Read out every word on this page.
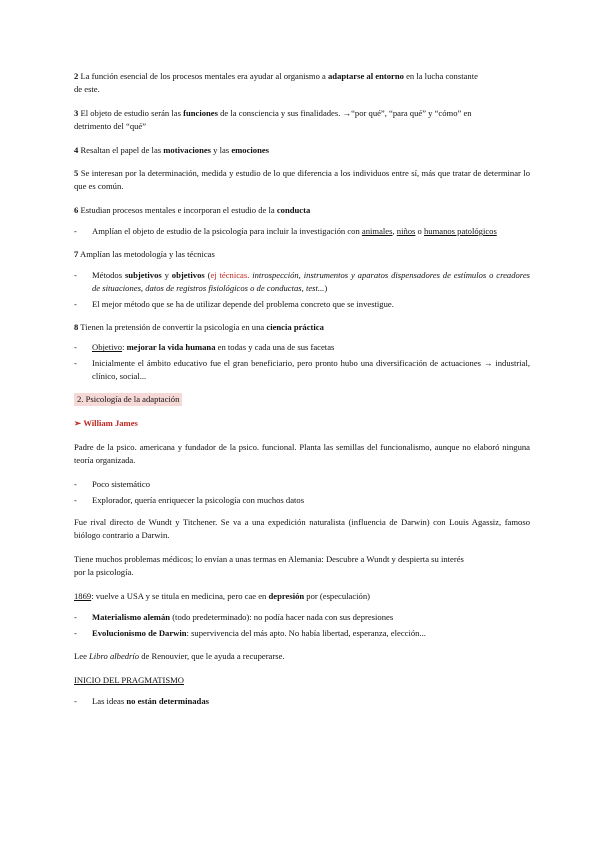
2 La función esencial de los procesos mentales era ayudar al organismo a adaptarse al entorno en la lucha constante

de este.

3 El objeto de estudio serán las funciones de la consciencia y sus finalidades. →“por qué”, “para qué” y “cómo” en

detrimento del “qué”

4 Resaltan el papel de las motivaciones y las emociones

5 Se interesan por la determinación, medida y estudio de lo que diferencia a los individuos entre sí, más que tratar de determinar lo que es común.

6 Estudian procesos mentales e incorporan el estudio de la conducta

- Amplían el objeto de estudio de la psicología para incluir la investigación con animales, niños o humanos patológicos

7 Amplían las metodología y las técnicas

- Métodos subjetivos y objetivos (ej técnicas. introspección, instrumentos y aparatos dispensadores de estímulos o creadores de situaciones, datos de registros fisiológicos o de conductas, test...)
- El mejor método que se ha de utilizar depende del problema concreto que se investigue.

8 Tienen la pretensión de convertir la psicología en una ciencia práctica

- Objetivo: mejorar la vida humana en todas y cada una de sus facetas
- Inicialmente el ámbito educativo fue el gran beneficiario, pero pronto hubo una diversificación de actuaciones → industrial, clínico, social...
2. Psicología de la adaptación
➢ William James

Padre de la psico. americana y fundador de la psico. funcional. Planta las semillas del funcionalismo, aunque no elaboró ninguna teoría organizada.

- Poco sistemático
- Explorador, quería enriquecer la psicología con muchos datos

Fue rival directo de Wundt y Titchener. Se va a una expedición naturalista (influencia de Darwin) con Louis Agassiz, famoso biólogo contrario a Darwin.

Tiene muchos problemas médicos; lo envían a unas termas en Alemania: Descubre a Wundt y despierta su interés

por la psicología.

1869: vuelve a USA y se titula en medicina, pero cae en depresión por (especulación)

- Materialismo alemán (todo predeterminado): no podía hacer nada con sus depresiones
- Evolucionismo de Darwin: supervivencia del más apto. No había libertad, esperanza, elección...

Lee Libro albedrío de Renouvier, que le ayuda a recuperarse.

INICIO DEL PRAGMATISMO

- Las ideas no están determinadas
